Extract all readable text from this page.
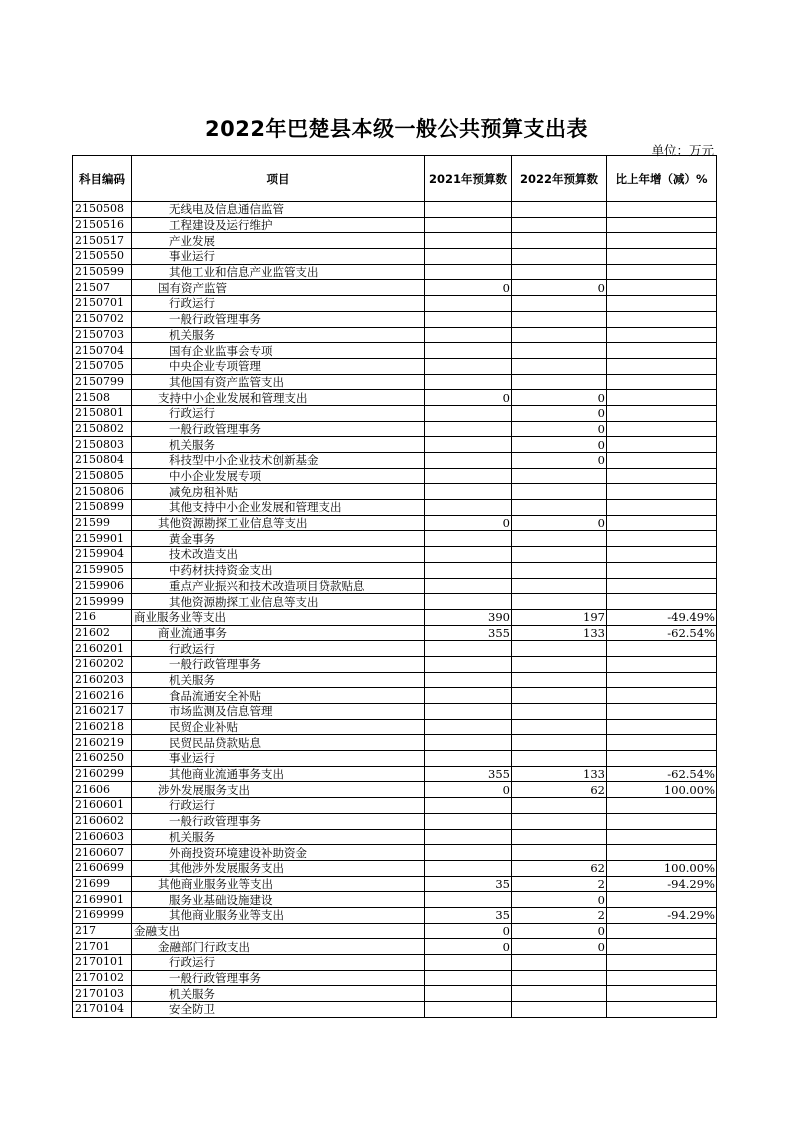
2022年巴楚县本级一般公共预算支出表
单位：万元
科目编码	项目	2021年预算数	2022年预算数	比上年增（减）%
2150508	无线电及信息通信监管			
2150516	工程建设及运行维护			
2150517	产业发展			
2150550	事业运行			
2150599	其他工业和信息产业监管支出			
21507	国有资产监管	0	0	
2150701	行政运行			
2150702	一般行政管理事务			
2150703	机关服务			
2150704	国有企业监事会专项			
2150705	中央企业专项管理			
2150799	其他国有资产监管支出			
21508	支持中小企业发展和管理支出	0	0	
2150801	行政运行		0	
2150802	一般行政管理事务		0	
2150803	机关服务		0	
2150804	科技型中小企业技术创新基金		0	
2150805	中小企业发展专项			
2150806	减免房租补贴			
2150899	其他支持中小企业发展和管理支出			
21599	其他资源勘探工业信息等支出	0	0	
2159901	黄金事务			
2159904	技术改造支出			
2159905	中药材扶持资金支出			
2159906	重点产业振兴和技术改造项目贷款贴息			
2159999	其他资源勘探工业信息等支出			
216	商业服务业等支出	390	197	-49.49%
21602	商业流通事务	355	133	-62.54%
2160201	行政运行			
2160202	一般行政管理事务			
2160203	机关服务			
2160216	食品流通安全补贴			
2160217	市场监测及信息管理			
2160218	民贸企业补贴			
2160219	民贸民品贷款贴息			
2160250	事业运行			
2160299	其他商业流通事务支出	355	133	-62.54%
21606	涉外发展服务支出	0	62	100.00%
2160601	行政运行			
2160602	一般行政管理事务			
2160603	机关服务			
2160607	外商投资环境建设补助资金			
2160699	其他涉外发展服务支出		62	100.00%
21699	其他商业服务业等支出	35	2	-94.29%
2169901	服务业基础设施建设		0	
2169999	其他商业服务业等支出	35	2	-94.29%
217	金融支出	0	0	
21701	金融部门行政支出	0	0	
2170101	行政运行			
2170102	一般行政管理事务			
2170103	机关服务			
2170104	安全防卫			
